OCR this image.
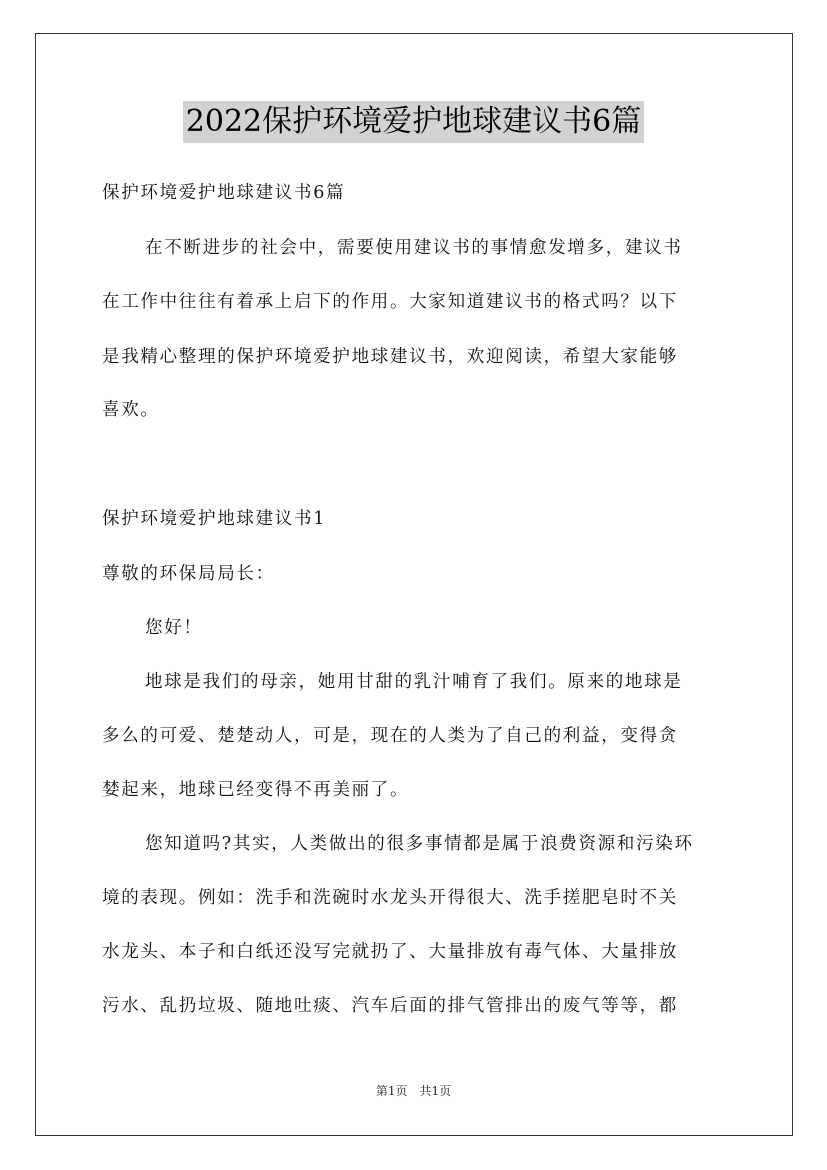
2022保护环境爱护地球建议书6篇
保护环境爱护地球建议书6篇
在不断进步的社会中，需要使用建议书的事情愈发增多，建议书
在工作中往往有着承上启下的作用。大家知道建议书的格式吗？以下
是我精心整理的保护环境爱护地球建议书，欢迎阅读，希望大家能够
喜欢。
保护环境爱护地球建议书1
尊敬的环保局局长：
您好！
地球是我们的母亲，她用甘甜的乳汁哺育了我们。原来的地球是
多么的可爱、楚楚动人，可是，现在的人类为了自己的利益，变得贪
婪起来，地球已经变得不再美丽了。
您知道吗?其实，人类做出的很多事情都是属于浪费资源和污染环
境的表现。例如：洗手和洗碗时水龙头开得很大、洗手搓肥皂时不关
水龙头、本子和白纸还没写完就扔了、大量排放有毒气体、大量排放
污水、乱扔垃圾、随地吐痰、汽车后面的排气管排出的废气等等，都
第1页　共1页
